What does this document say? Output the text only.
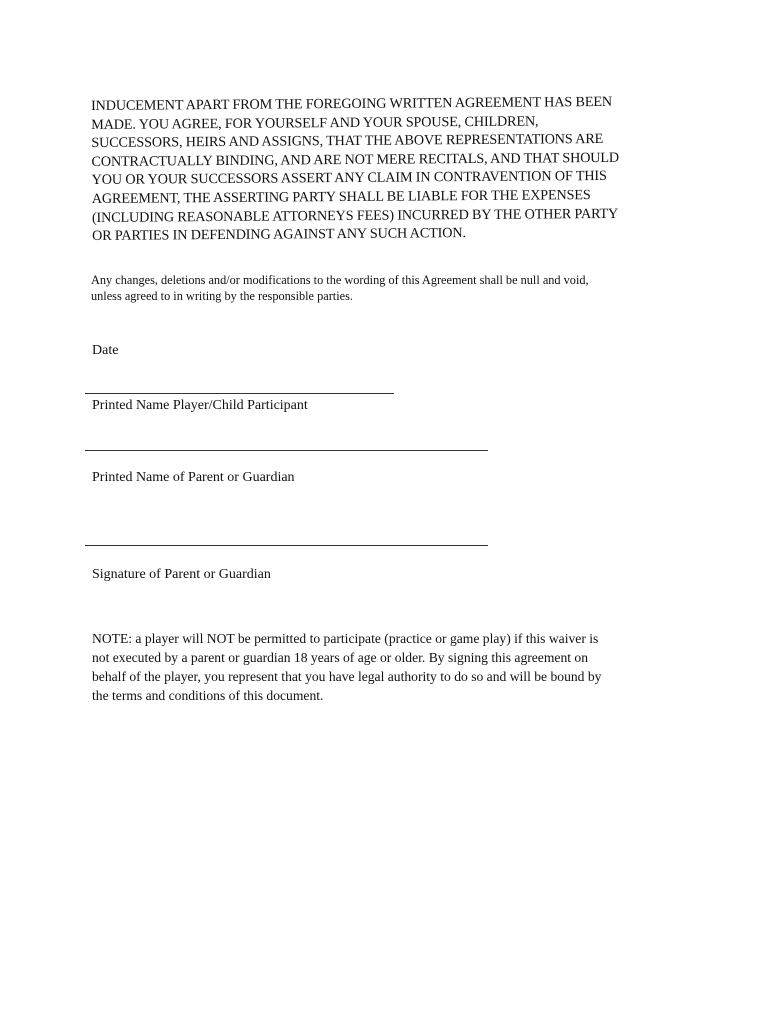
INDUCEMENT APART FROM THE FOREGOING WRITTEN AGREEMENT HAS BEEN
MADE. YOU AGREE, FOR YOURSELF AND YOUR SPOUSE, CHILDREN,
SUCCESSORS, HEIRS AND ASSIGNS, THAT THE ABOVE REPRESENTATIONS ARE
CONTRACTUALLY BINDING, AND ARE NOT MERE RECITALS, AND THAT SHOULD
YOU OR YOUR SUCCESSORS ASSERT ANY CLAIM IN CONTRAVENTION OF THIS
AGREEMENT, THE ASSERTING PARTY SHALL BE LIABLE FOR THE EXPENSES
(INCLUDING REASONABLE ATTORNEYS FEES) INCURRED BY THE OTHER PARTY
OR PARTIES IN DEFENDING AGAINST ANY SUCH ACTION.
Any changes, deletions and/or modifications to the wording of this Agreement shall be null and void,
unless agreed to in writing by the responsible parties.
Date
Printed Name Player/Child Participant
Printed Name of Parent or Guardian
Signature of Parent or Guardian
NOTE: a player will NOT be permitted to participate (practice or game play) if this waiver is
not executed by a parent or guardian 18 years of age or older. By signing this agreement on
behalf of the player, you represent that you have legal authority to do so and will be bound by
the terms and conditions of this document.
